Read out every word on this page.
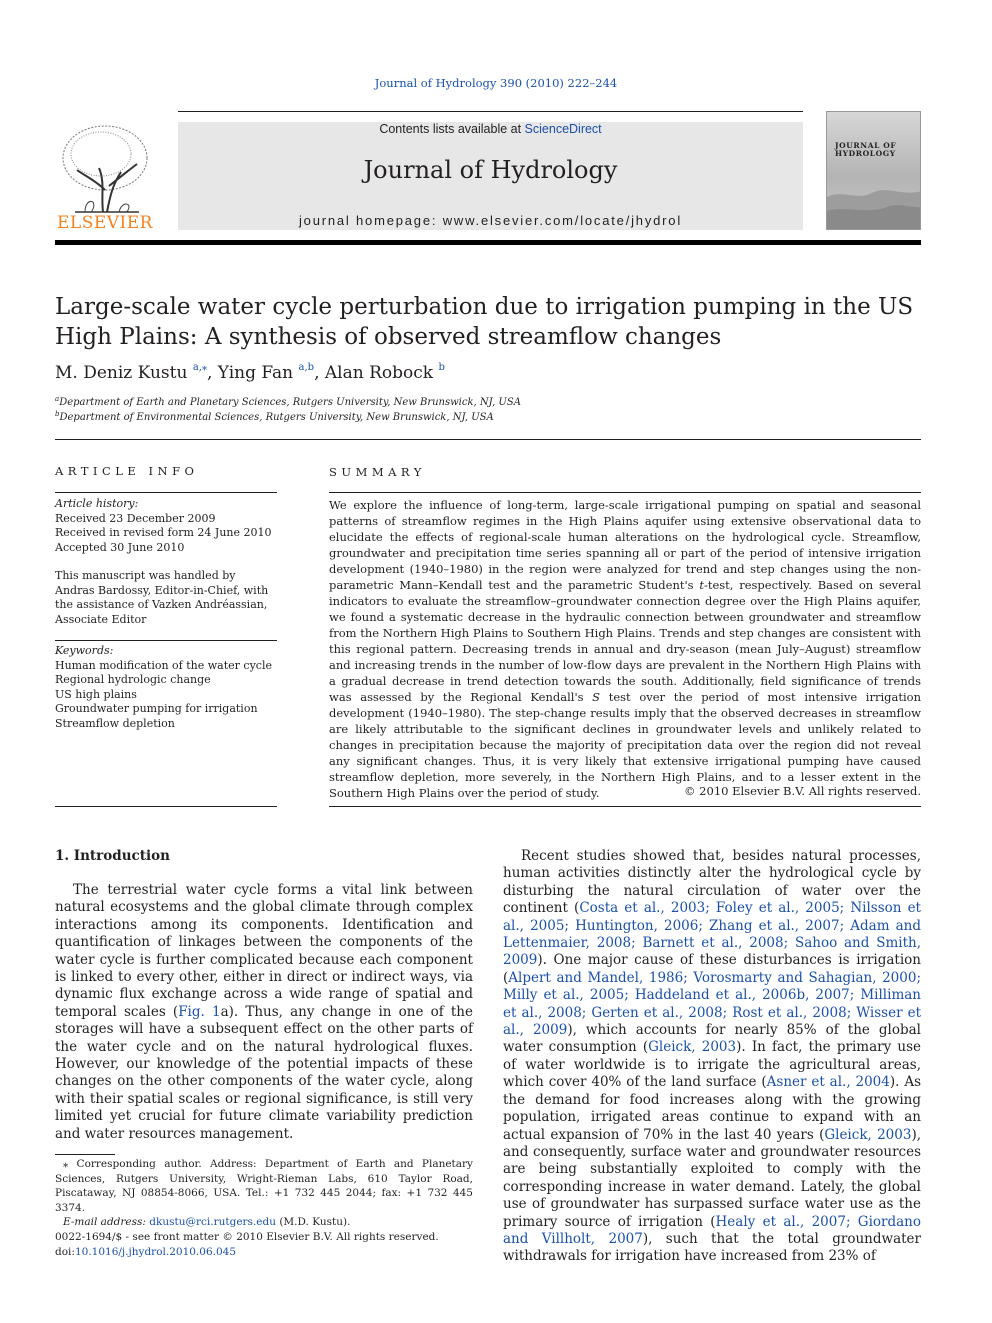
Journal of Hydrology 390 (2010) 222–244
ELSEVIER
Contents lists available at ScienceDirect
Journal of Hydrology
journal homepage: www.elsevier.com/locate/jhydrol
JOURNAL OF HYDROLOGY
Large-scale water cycle perturbation due to irrigation pumping in the US High Plains: A synthesis of observed streamflow changes
M. Deniz Kustu $^{a,⁎}$, Ying Fan $^{a,b}$, Alan Robock $^b$
$^a$Department of Earth and Planetary Sciences, Rutgers University, New Brunswick, NJ, USA
$^b$Department of Environmental Sciences, Rutgers University, New Brunswick, NJ, USA
ARTICLE INFO
Article history:
Received 23 December 2009
Received in revised form 24 June 2010
Accepted 30 June 2010
This manuscript was handled by
Andras Bardossy, Editor-in-Chief, with
the assistance of Vazken Andréassian,
Associate Editor
Keywords:
Human modification of the water cycle
Regional hydrologic change
US high plains
Groundwater pumping for irrigation
Streamflow depletion
SUMMARY
We explore the influence of long-term, large-scale irrigational pumping on spatial and seasonal patterns of streamflow regimes in the High Plains aquifer using extensive observational data to elucidate the effects of regional-scale human alterations on the hydrological cycle. Streamflow, groundwater and precipitation time series spanning all or part of the period of intensive irrigation development (1940–1980) in the region were analyzed for trend and step changes using the non-parametric Mann–Kendall test and the parametric Student's t-test, respectively. Based on several indicators to evaluate the streamflow–groundwater connection degree over the High Plains aquifer, we found a systematic decrease in the hydraulic connection between groundwater and streamflow from the Northern High Plains to Southern High Plains. Trends and step changes are consistent with this regional pattern. Decreasing trends in annual and dry-season (mean July–August) streamflow and increasing trends in the number of low-flow days are prevalent in the Northern High Plains with a gradual decrease in trend detection towards the south. Additionally, field significance of trends was assessed by the Regional Kendall's S test over the period of most intensive irrigation development (1940–1980). The step-change results imply that the observed decreases in streamflow are likely attributable to the significant declines in groundwater levels and unlikely related to changes in precipitation because the majority of precipitation data over the region did not reveal any significant changes. Thus, it is very likely that extensive irrigational pumping have caused streamflow depletion, more severely, in the Northern High Plains, and to a lesser extent in the Southern High Plains over the period of study.	© 2010 Elsevier B.V. All rights reserved.
1. Introduction

The terrestrial water cycle forms a vital link between natural ecosystems and the global climate through complex interactions among its components. Identification and quantification of linkages between the components of the water cycle is further complicated because each component is linked to every other, either in direct or indirect ways, via dynamic flux exchange across a wide range of spatial and temporal scales (Fig. 1a). Thus, any change in one of the storages will have a subsequent effect on the other parts of the water cycle and on the natural hydrological fluxes. However, our knowledge of the potential impacts of these changes on the other components of the water cycle, along with their spatial scales or regional significance, is still very limited yet crucial for future climate variability prediction and water resources management.

⁎ Corresponding author. Address: Department of Earth and Planetary Sciences, Rutgers University, Wright-Rieman Labs, 610 Taylor Road, Piscataway, NJ 08854-8066, USA. Tel.: +1 732 445 2044; fax: +1 732 445 3374.
E-mail address: dkustu@rci.rutgers.edu (M.D. Kustu).
0022-1694/$ - see front matter © 2010 Elsevier B.V. All rights reserved.
doi:10.1016/j.jhydrol.2010.06.045

Recent studies showed that, besides natural processes, human activities distinctly alter the hydrological cycle by disturbing the natural circulation of water over the continent (Costa et al., 2003; Foley et al., 2005; Nilsson et al., 2005; Huntington, 2006; Zhang et al., 2007; Adam and Lettenmaier, 2008; Barnett et al., 2008; Sahoo and Smith, 2009). One major cause of these disturbances is irrigation (Alpert and Mandel, 1986; Vorosmarty and Sahagian, 2000; Milly et al., 2005; Haddeland et al., 2006b, 2007; Milliman et al., 2008; Gerten et al., 2008; Rost et al., 2008; Wisser et al., 2009), which accounts for nearly 85% of the global water consumption (Gleick, 2003). In fact, the primary use of water worldwide is to irrigate the agricultural areas, which cover 40% of the land surface (Asner et al., 2004). As the demand for food increases along with the growing population, irrigated areas continue to expand with an actual expansion of 70% in the last 40 years (Gleick, 2003), and consequently, surface water and groundwater resources are being substantially exploited to comply with the corresponding increase in water demand. Lately, the global use of groundwater has surpassed surface water use as the primary source of irrigation (Healy et al., 2007; Giordano and Villholt, 2007), such that the total groundwater withdrawals for irrigation have increased from 23% of
